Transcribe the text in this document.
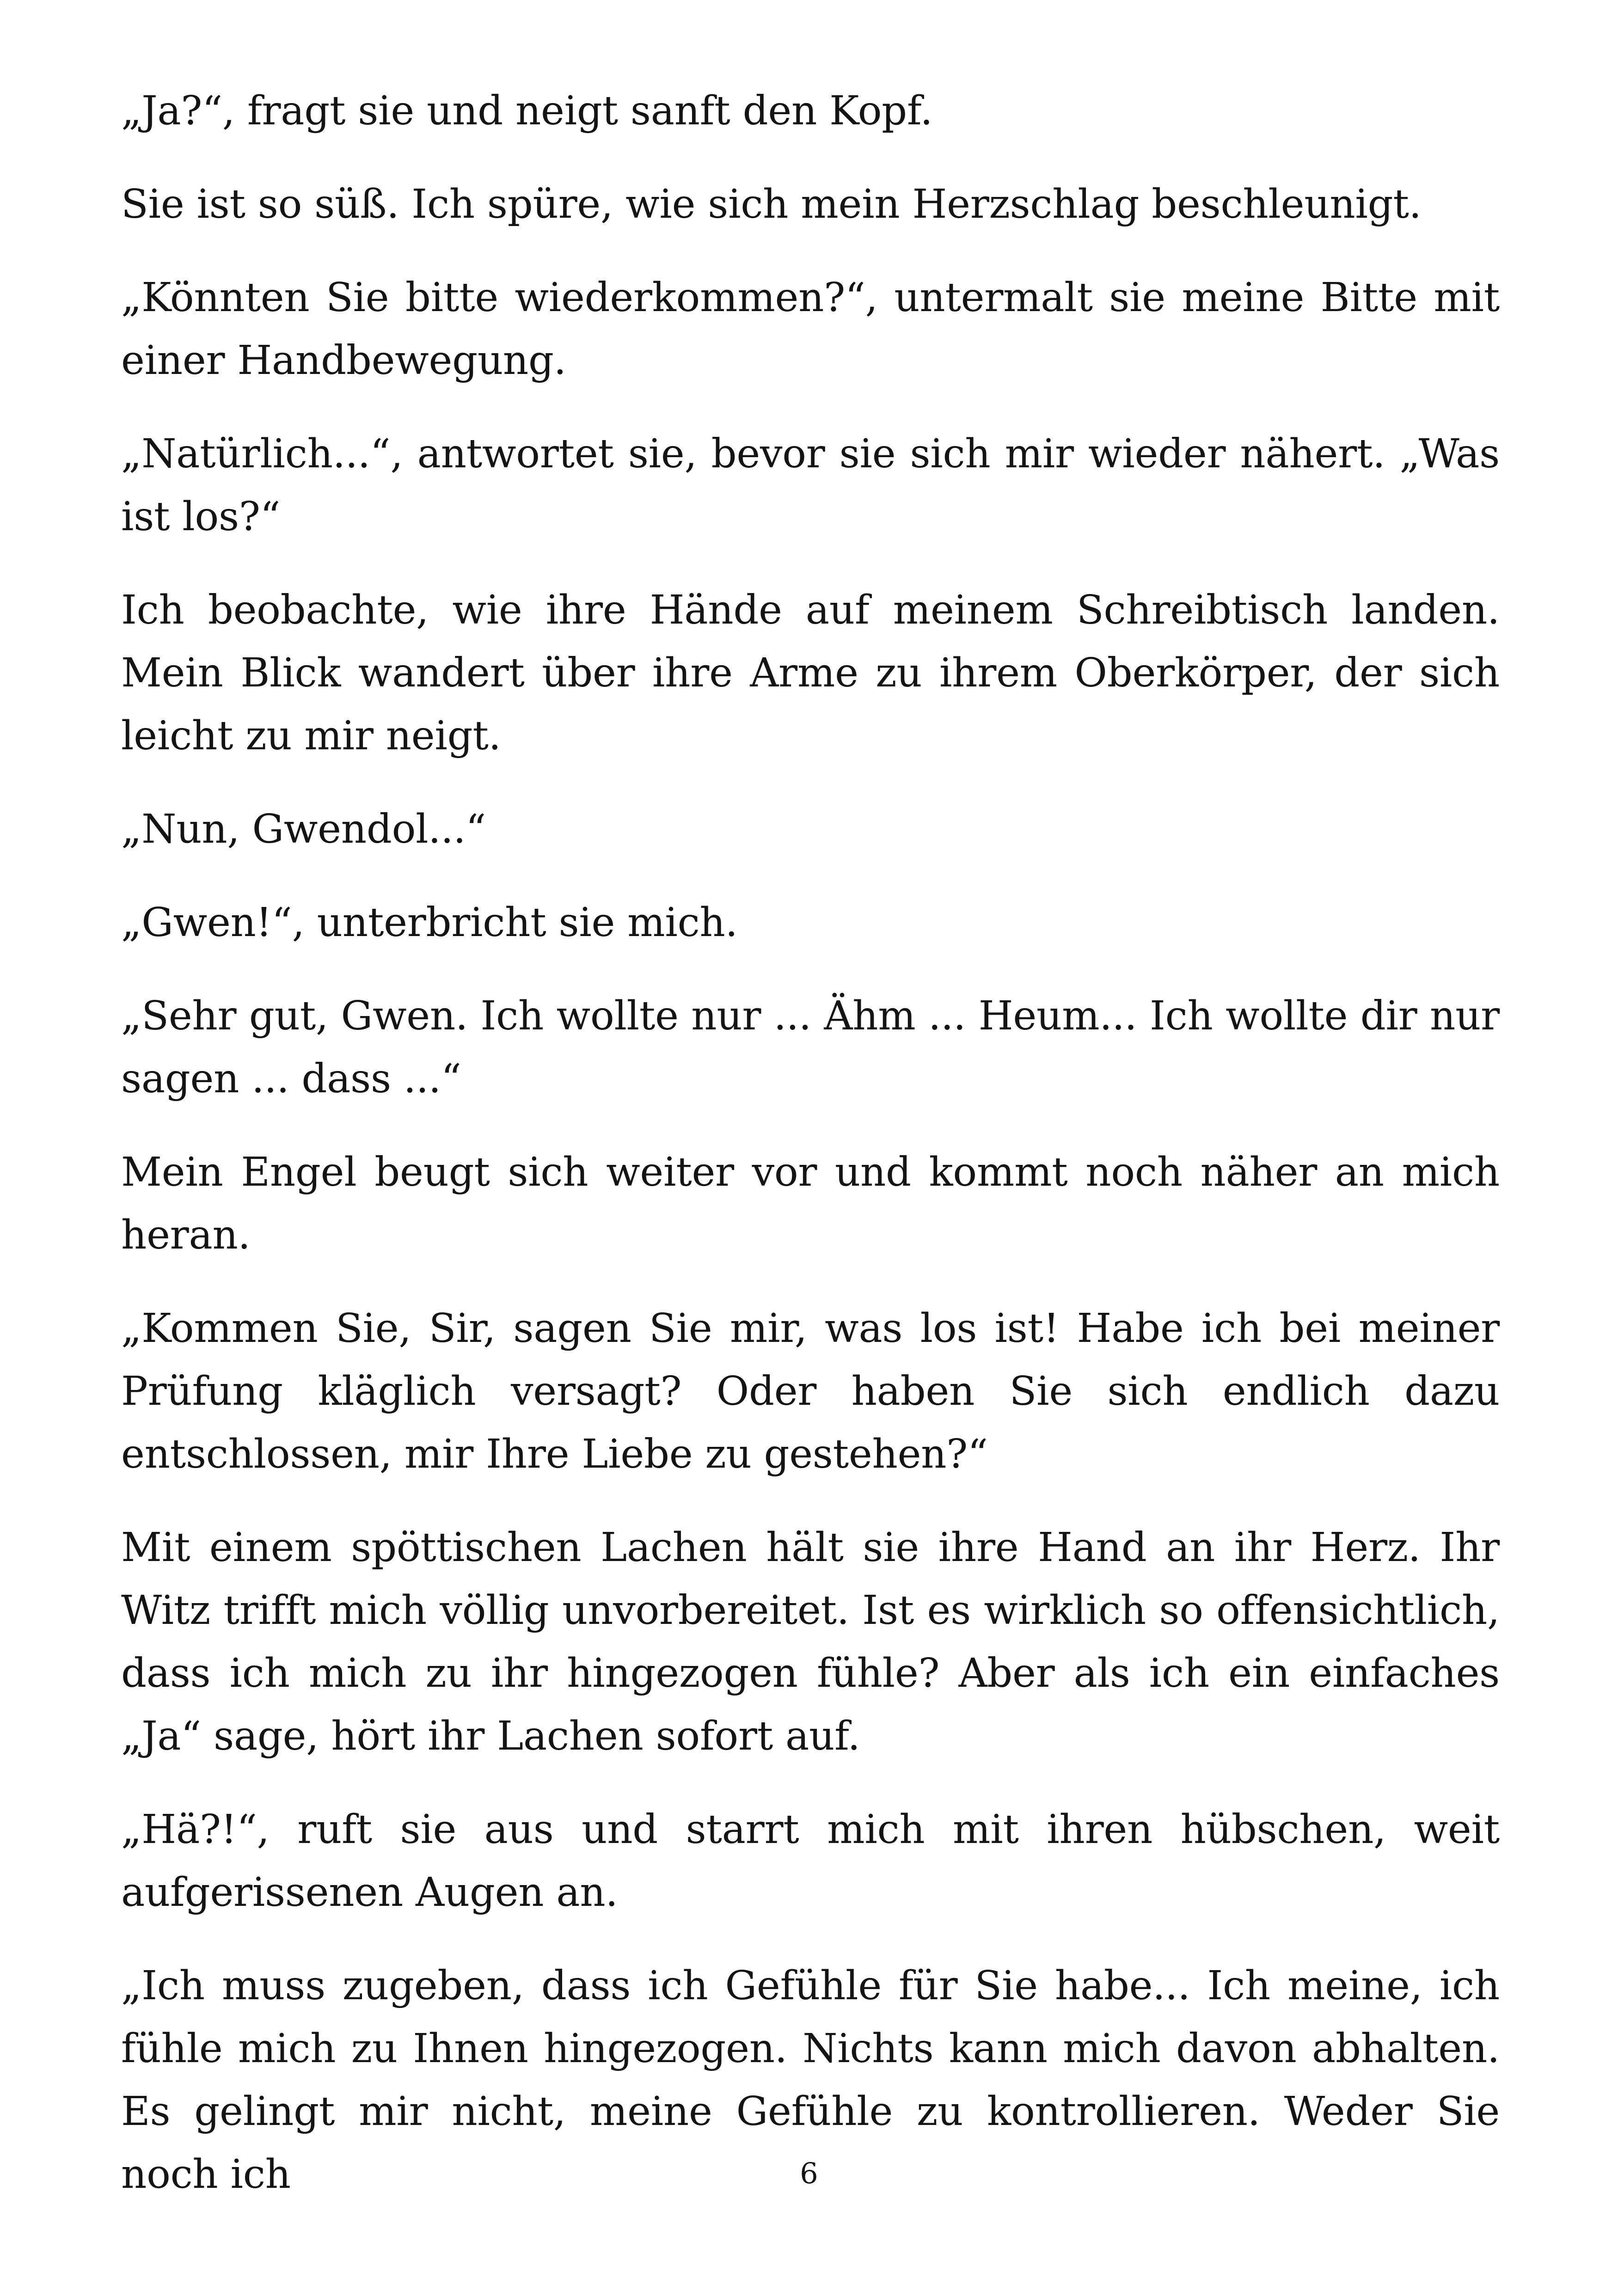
„Ja?“, fragt sie und neigt sanft den Kopf.

Sie ist so süß. Ich spüre, wie sich mein Herzschlag beschleunigt.

„Könnten Sie bitte wiederkommen?“, untermalt sie meine Bitte mit einer Handbewegung.

„Natürlich...“, antwortet sie, bevor sie sich mir wieder nähert. „Was ist los?“

Ich beobachte, wie ihre Hände auf meinem Schreibtisch landen. Mein Blick wandert über ihre Arme zu ihrem Oberkörper, der sich leicht zu mir neigt.

„Nun, Gwendol...“

„Gwen!“, unterbricht sie mich.

„Sehr gut, Gwen. Ich wollte nur ... Ähm ... Heum... Ich wollte dir nur sagen ... dass ...“

Mein Engel beugt sich weiter vor und kommt noch näher an mich heran.

„Kommen Sie, Sir, sagen Sie mir, was los ist! Habe ich bei meiner Prüfung kläglich versagt? Oder haben Sie sich endlich dazu entschlossen, mir Ihre Liebe zu gestehen?“

Mit einem spöttischen Lachen hält sie ihre Hand an ihr Herz. Ihr Witz trifft mich völlig unvorbereitet. Ist es wirklich so offensichtlich, dass ich mich zu ihr hingezogen fühle? Aber als ich ein einfaches „Ja“ sage, hört ihr Lachen sofort auf.

„Hä?!“, ruft sie aus und starrt mich mit ihren hübschen, weit aufgerissenen Augen an.

„Ich muss zugeben, dass ich Gefühle für Sie habe... Ich meine, ich fühle mich zu Ihnen hingezogen. Nichts kann mich davon abhalten. Es gelingt mir nicht, meine Gefühle zu kontrollieren. Weder Sie noch ich	6
